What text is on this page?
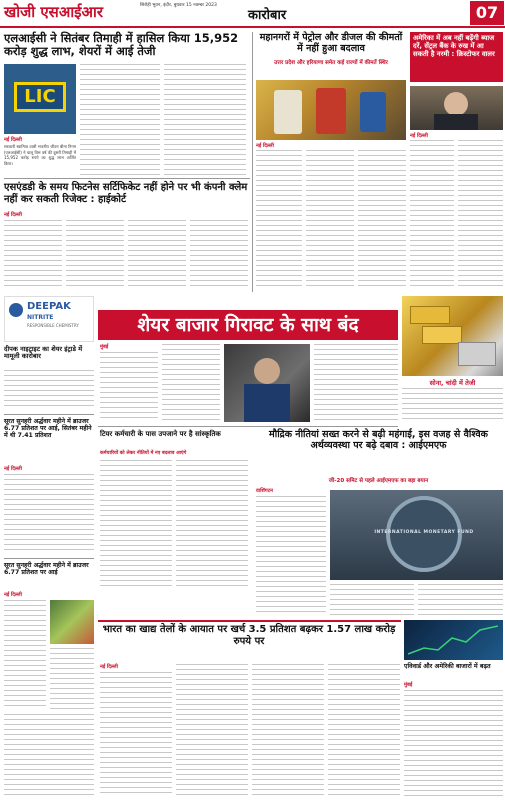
खोजी एसआईआर	सिरोही भुवन, इंदौर, बुधवार 15 नवम्बर 2023
कारोबार	07
एलआईसी ने सितंबर तिमाही में हासिल किया 15,952 करोड़ शुद्ध लाभ, शेयरों में आई तेजी
LIC
नई दिल्ली
सरकारी स्वामित्व वाली भारतीय जीवन बीमा निगम (एलआईसी) ने चालू वित्त वर्ष की दूसरी तिमाही में 15,952 करोड़ रुपये का शुद्ध लाभ अर्जित किया।
महानगरों में पेट्रोल और डीजल की कीमतों में नहीं हुआ बदलाव
उत्तर प्रदेश और हरियाणा समेत कई राज्यों में कीमतें स्थिर
नई दिल्ली
अमेरिका में अब नहीं बढ़ेंगी ब्याज दरें, सेंट्रल बैंक के रुख में आ सकती है नरमी : क्रिस्टोफर वालर
नई दिल्ली
एसएंडडी के समय फिटनेस सर्टिफिकेट नहीं होने पर भी कंपनी क्लेम नहीं कर सकती रिजेक्ट : हाईकोर्ट
नई दिल्ली
DEEPAK
NITRITE
RESPONSIBLE CHEMISTRY
दीपक नाइट्राइट का शेयर इंट्राडे में मामूली कारोबार
शेयर बाजार गिरावट के साथ बंद
मुंबई
सोना, चांदी में तेजी
टियर कर्मचारी के पास उपजाने पर है सांस्कृतिक
कर्मचारियों को लेकर नीतियों में नए बदलाव आएंगे
सूरत सुनहरी अर्द्धवार महीने में ब्राउजर 6.77 प्रतिशत पर आई, सितंबर महीने में थी 7.41 प्रतिशत
नई दिल्ली
सूरत सुनहरी अर्द्धवार महीने में ब्राउजर 6.77 प्रतिशत पर आई
नई दिल्ली
मौद्रिक नीतियां सख्त करने से बढ़ी महंगाई, इस वजह से वैश्विक अर्थव्यवस्था पर बढ़े दबाव : आईएमएफ
जी-20 समिट से पहले आईएमएफ का बड़ा बयान
वाशिंगटन
INTERNATIONAL MONETARY FUND
भारत का खाद्य तेलों के आयात पर खर्च 3.5 प्रतिशत बढ़कर 1.57 लाख करोड़ रुपये पर
नई दिल्ली	एविवार्ड और अमेरिकी बाजारों में बढ़त
मुंबई
